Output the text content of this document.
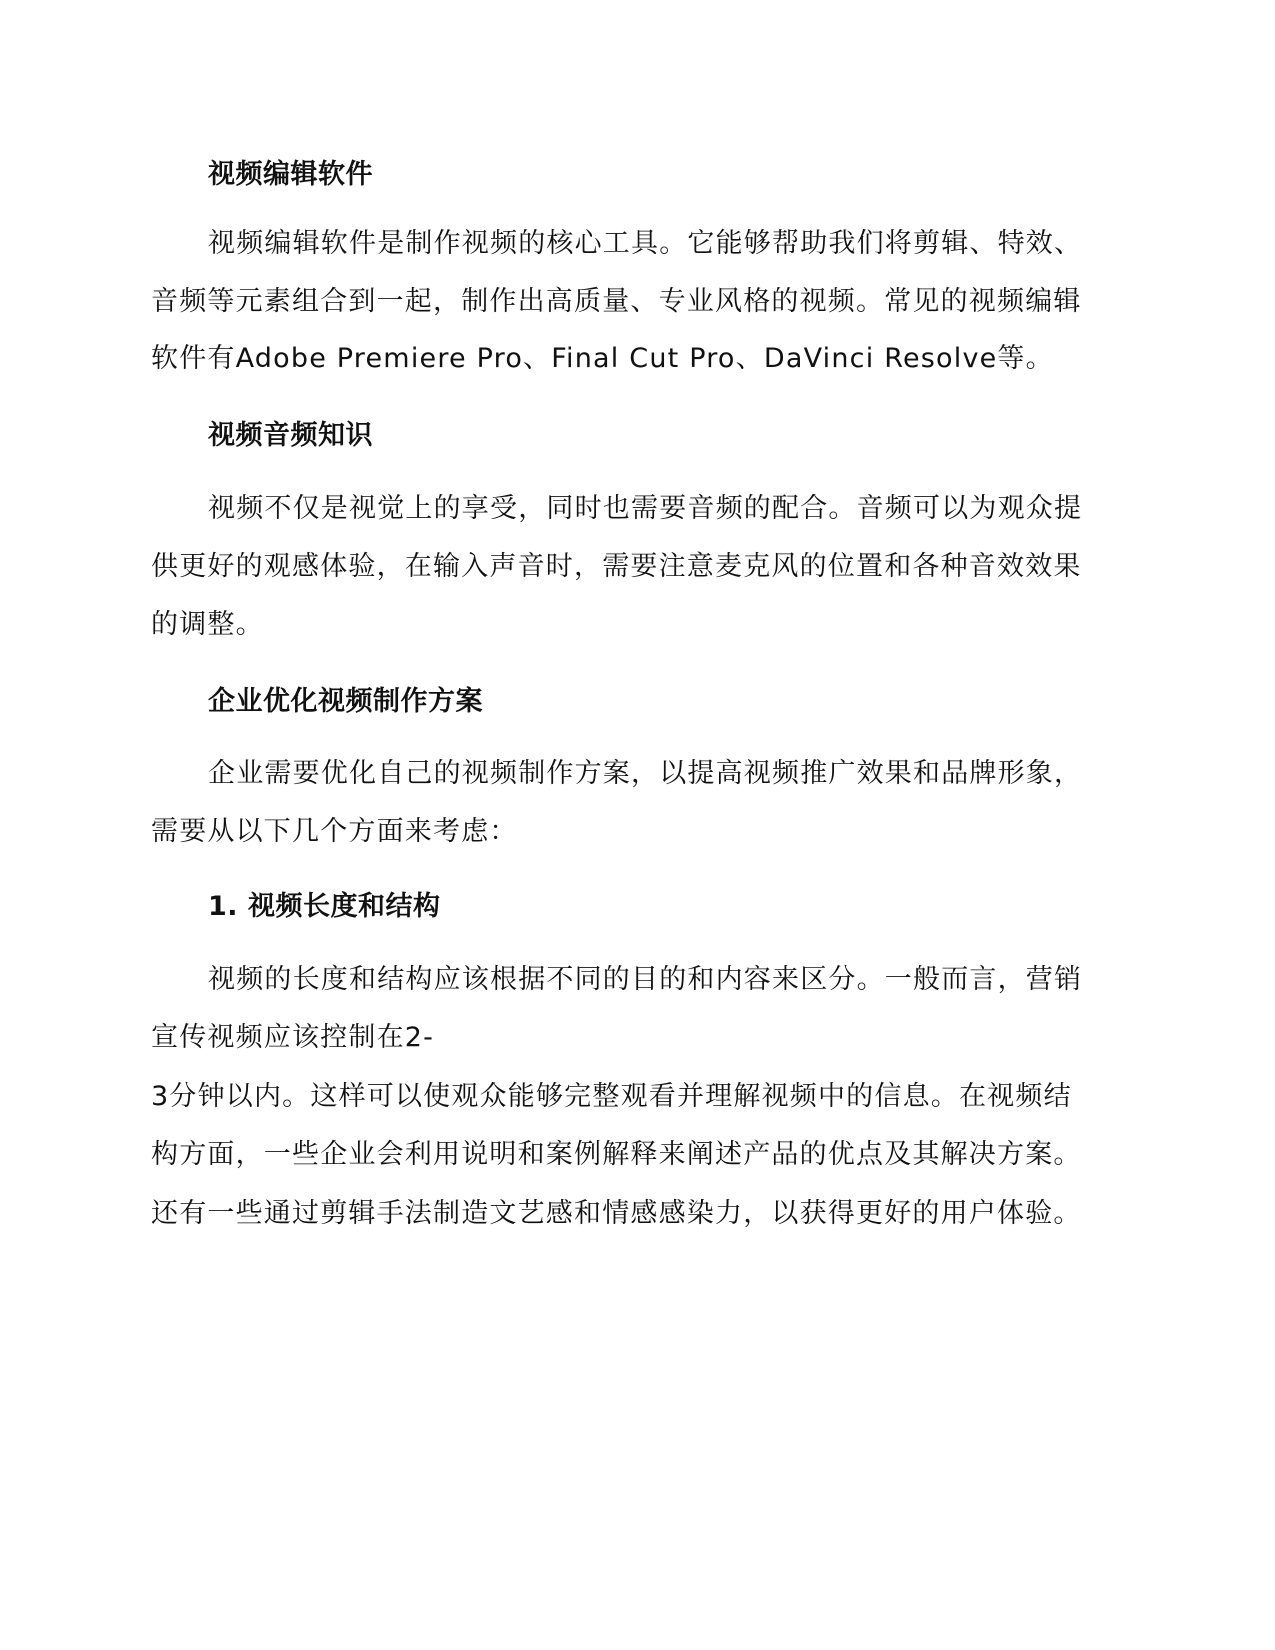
视频编辑软件

视频编辑软件是制作视频的核心工具。它能够帮助我们将剪辑、特效、

音频等元素组合到一起，制作出高质量、专业风格的视频。常见的视频编辑

软件有Adobe Premiere Pro、Final Cut Pro、DaVinci Resolve等。

视频音频知识

视频不仅是视觉上的享受，同时也需要音频的配合。音频可以为观众提

供更好的观感体验，在输入声音时，需要注意麦克风的位置和各种音效效果

的调整。

企业优化视频制作方案

企业需要优化自己的视频制作方案，以提高视频推广效果和品牌形象，

需要从以下几个方面来考虑：

1. 视频长度和结构

视频的长度和结构应该根据不同的目的和内容来区分。一般而言，营销

宣传视频应该控制在2-

3分钟以内。这样可以使观众能够完整观看并理解视频中的信息。在视频结

构方面，一些企业会利用说明和案例解释来阐述产品的优点及其解决方案。

还有一些通过剪辑手法制造文艺感和情感感染力，以获得更好的用户体验。
